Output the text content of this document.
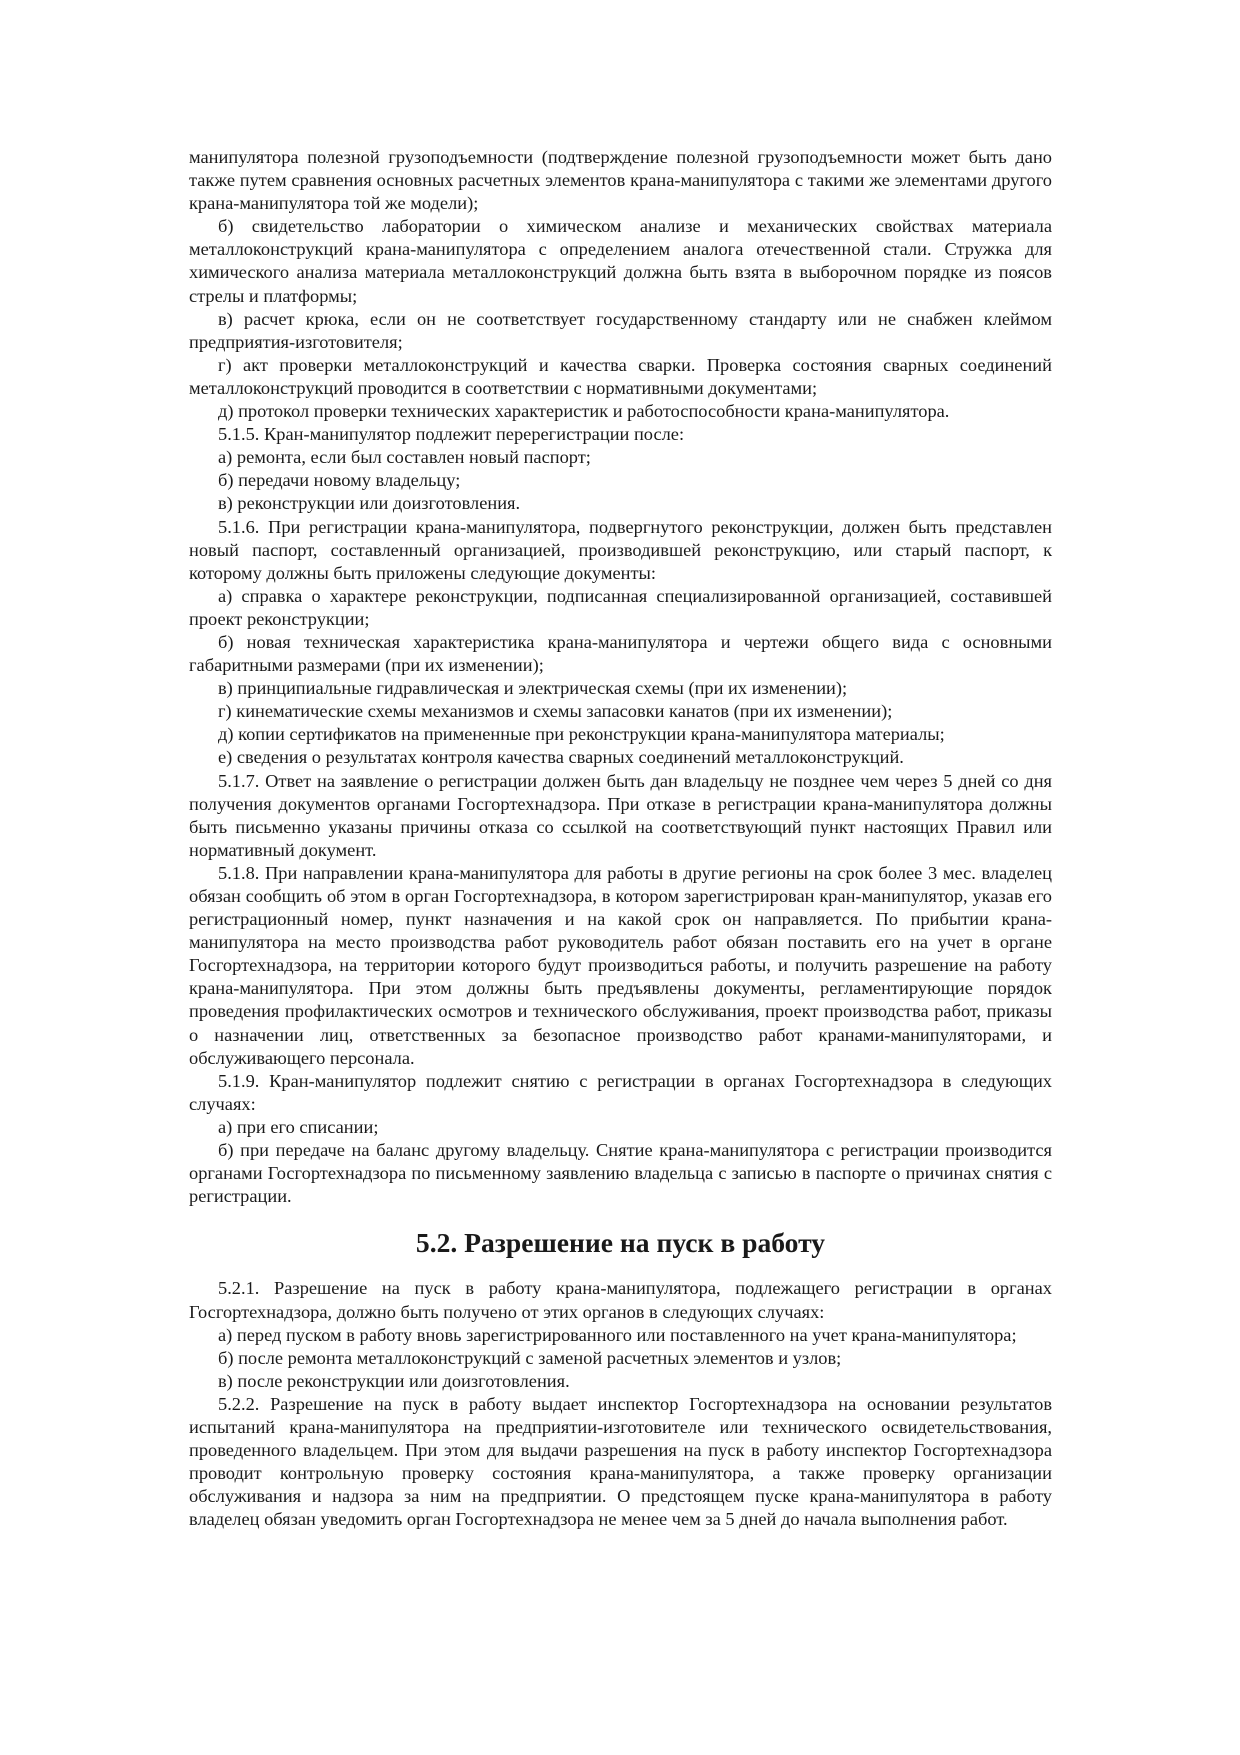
манипулятора полезной грузоподъемности (подтверждение полезной грузоподъемности может быть дано также путем сравнения основных расчетных элементов крана-манипулятора с такими же элементами другого крана-манипулятора той же модели);

б) свидетельство лаборатории о химическом анализе и механических свойствах материала металлоконструкций крана-манипулятора с определением аналога отечественной стали. Стружка для химического анализа материала металлоконструкций должна быть взята в выборочном порядке из поясов стрелы и платформы;

в) расчет крюка, если он не соответствует государственному стандарту или не снабжен клеймом предприятия-изготовителя;

г) акт проверки металлоконструкций и качества сварки. Проверка состояния сварных соединений металлоконструкций проводится в соответствии с нормативными документами;

д) протокол проверки технических характеристик и работоспособности крана-манипулятора.

5.1.5. Кран-манипулятор подлежит перерегистрации после:

а) ремонта, если был составлен новый паспорт;

б) передачи новому владельцу;

в) реконструкции или доизготовления.

5.1.6. При регистрации крана-манипулятора, подвергнутого реконструкции, должен быть представлен новый паспорт, составленный организацией, производившей реконструкцию, или старый паспорт, к которому должны быть приложены следующие документы:

а) справка о характере реконструкции, подписанная специализированной организацией, составившей проект реконструкции;

б) новая техническая характеристика крана-манипулятора и чертежи общего вида с основными габаритными размерами (при их изменении);

в) принципиальные гидравлическая и электрическая схемы (при их изменении);

г) кинематические схемы механизмов и схемы запасовки канатов (при их изменении);

д) копии сертификатов на примененные при реконструкции крана-манипулятора материалы;

е) сведения о результатах контроля качества сварных соединений металлоконструкций.

5.1.7. Ответ на заявление о регистрации должен быть дан владельцу не позднее чем через 5 дней со дня получения документов органами Госгортехнадзора. При отказе в регистрации крана-манипулятора должны быть письменно указаны причины отказа со ссылкой на соответствующий пункт настоящих Правил или нормативный документ.

5.1.8. При направлении крана-манипулятора для работы в другие регионы на срок более 3 мес. владелец обязан сообщить об этом в орган Госгортехнадзора, в котором зарегистрирован кран-манипулятор, указав его регистрационный номер, пункт назначения и на какой срок он направляется. По прибытии крана-манипулятора на место производства работ руководитель работ обязан поставить его на учет в органе Госгортехнадзора, на территории которого будут производиться работы, и получить разрешение на работу крана-манипулятора. При этом должны быть предъявлены документы, регламентирующие порядок проведения профилактических осмотров и технического обслуживания, проект производства работ, приказы о назначении лиц, ответственных за безопасное производство работ кранами-манипуляторами, и обслуживающего персонала.

5.1.9. Кран-манипулятор подлежит снятию с регистрации в органах Госгортехнадзора в следующих случаях:

а) при его списании;

б) при передаче на баланс другому владельцу. Снятие крана-манипулятора с регистрации производится органами Госгортехнадзора по письменному заявлению владельца с записью в паспорте о причинах снятия с регистрации.

5.2. Разрешение на пуск в работу

5.2.1. Разрешение на пуск в работу крана-манипулятора, подлежащего регистрации в органах Госгортехнадзора, должно быть получено от этих органов в следующих случаях:

а) перед пуском в работу вновь зарегистрированного или поставленного на учет крана-манипулятора;

б) после ремонта металлоконструкций с заменой расчетных элементов и узлов;

в) после реконструкции или доизготовления.

5.2.2. Разрешение на пуск в работу выдает инспектор Госгортехнадзора на основании результатов испытаний крана-манипулятора на предприятии-изготовителе или технического освидетельствования, проведенного владельцем. При этом для выдачи разрешения на пуск в работу инспектор Госгортехнадзора проводит контрольную проверку состояния крана-манипулятора, а также проверку организации обслуживания и надзора за ним на предприятии. О предстоящем пуске крана-манипулятора в работу владелец обязан уведомить орган Госгортехнадзора не менее чем за 5 дней до начала выполнения работ.
